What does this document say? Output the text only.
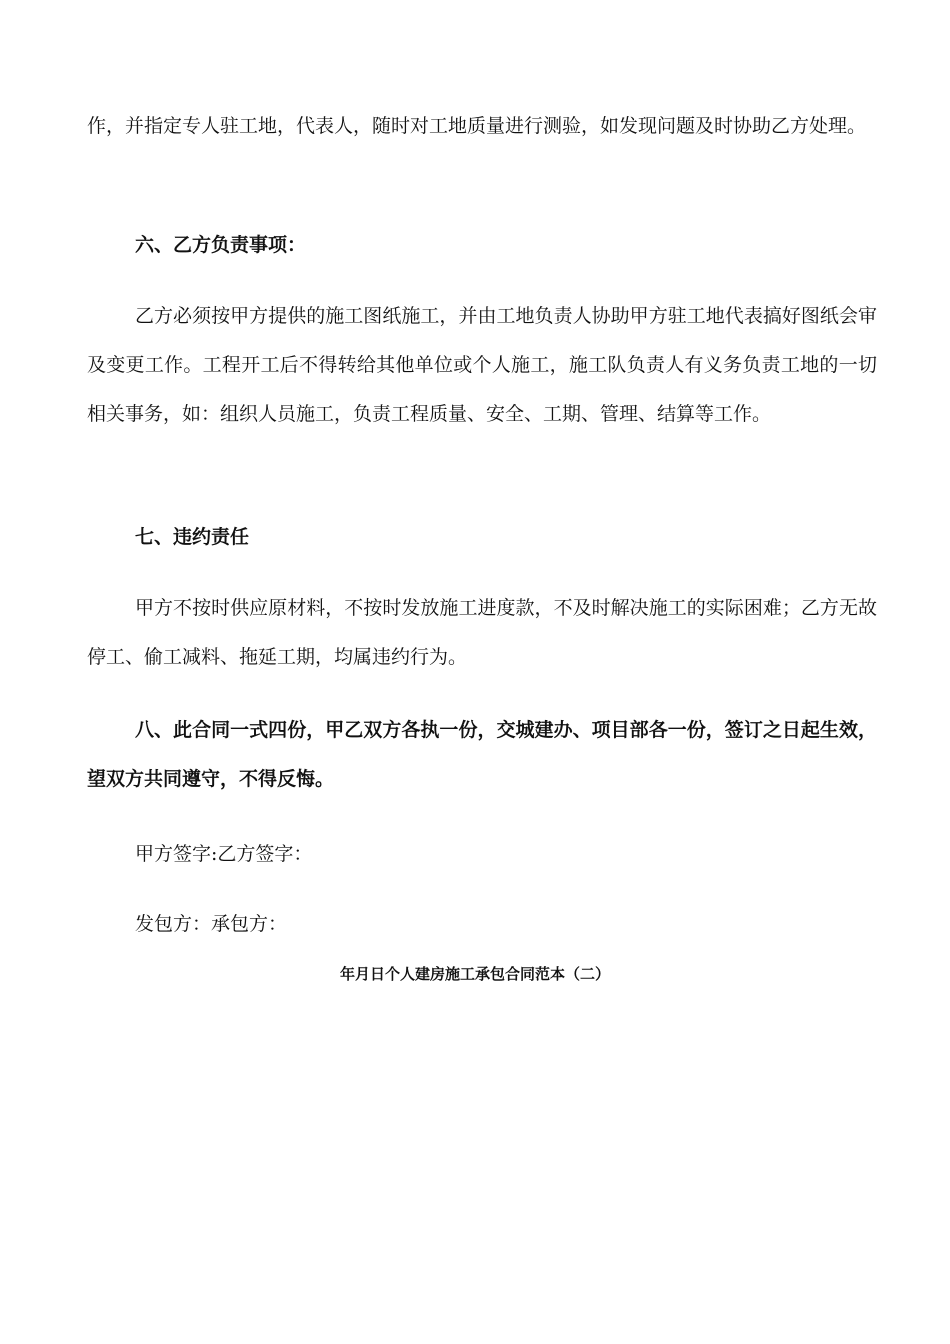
作，并指定专人驻工地，代表人，随时对工地质量进行测验，如发现问题及时协助乙方处理。

六、乙方负责事项：

乙方必须按甲方提供的施工图纸施工，并由工地负责人协助甲方驻工地代表搞好图纸会审及变更工作。工程开工后不得转给其他单位或个人施工，施工队负责人有义务负责工地的一切相关事务，如：组织人员施工，负责工程质量、安全、工期、管理、结算等工作。

七、违约责任

甲方不按时供应原材料，不按时发放施工进度款，不及时解决施工的实际困难；乙方无故停工、偷工减料、拖延工期，均属违约行为。

八、此合同一式四份，甲乙双方各执一份，交城建办、项目部各一份，签订之日起生效，望双方共同遵守，不得反悔。

甲方签字:乙方签字：

发包方：承包方：

年月日个人建房施工承包合同范本（二）
